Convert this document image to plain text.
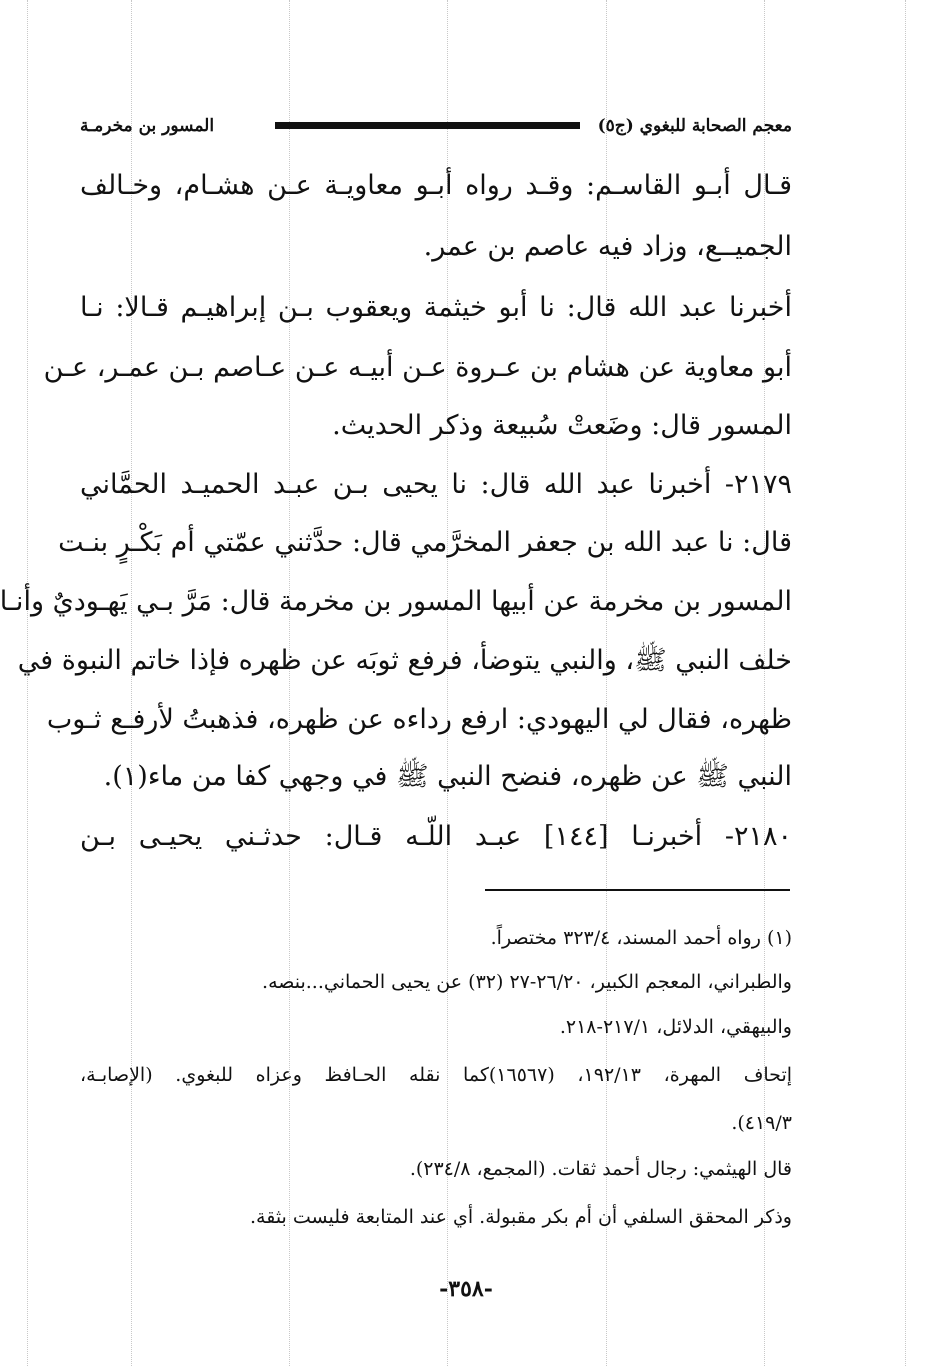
معجم الصحابة للبغوي (ج٥)
المسور بن مخرمـة
قـال أبـو القاسـم: وقـد رواه أبـو معاويـة عـن هشـام، وخـالف
الجميــع، وزاد فيه عاصم بن عمر.
أخبرنا عبد الله قال: نا أبو خيثمة ويعقوب بـن إبراهيـم قـالا: نـا
أبو معاوية عن هشام بن عـروة عـن أبيـه عـن عـاصم بـن عمـر، عـن
المسور قال: وضَعتْ سُبيعة وذكر الحديث.
٢١٧٩- أخبرنا عبد الله قال: نا يحيى بـن عبـد الحميـد الحمَّاني
قال: نا عبد الله بن جعفر المخرَّمي قال: حدَّثني عمّتي أم بَكْـرٍ بنـت
المسور بن مخرمة عن أبيها المسور بن مخرمة قال: مَرَّ بـي يَهـوديٌ وأنـا
خلف النبي ﷺ، والنبي يتوضأ، فرفع ثوبَه عن ظهره فإذا خاتم النبوة في
ظهره، فقال لي اليهودي: ارفع رداءه عن ظهره، فذهبتُ لأرفـع ثـوب
النبي ﷺ عن ظهره، فنضح النبي ﷺ في وجهي كفا من ماء(١).
٢١٨٠- أخبرنـا [١٤٤] عبـد اللّـه قـال: حدثـني يحيـى بـن
(١) رواه أحمد المسند، ٣٢٣/٤ مختصراً.
والطبراني، المعجم الكبير، ٢٦/٢٠-٢٧ (٣٢) عن يحيى الحماني...بنصه.
والبيهقي، الدلائل، ٢١٧/١-٢١٨.
إتحاف المهرة، ١٩٢/١٣، (١٦٥٦٧)كما نقله الحـافظ وعزاه للبغوي. (الإصابـة،
٤١٩/٣).
قال الهيثمي: رجال أحمد ثقات. (المجمع، ٢٣٤/٨).
وذكر المحقق السلفي أن أم بكر مقبولة. أي عند المتابعة فليست بثقة.
-٣٥٨-
